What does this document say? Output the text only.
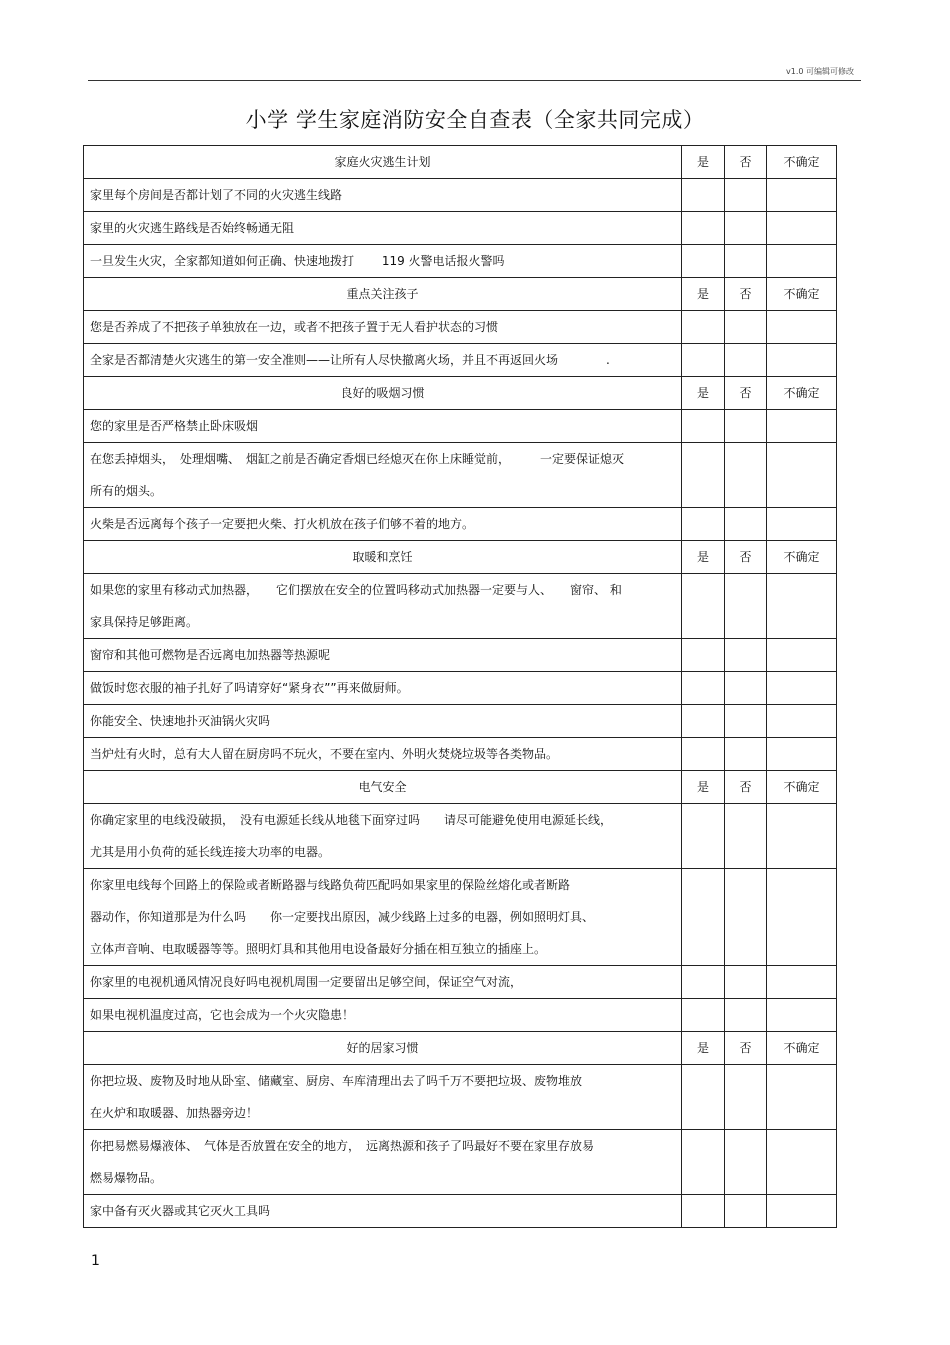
v1.0 可编辑可修改
小学 学生家庭消防安全自查表（全家共同完成）
家庭火灾逃生计划	是	否	不确定

家里每个房间是否都计划了不同的火灾逃生线路			

家里的火灾逃生路线是否始终畅通无阻			

一旦发生火灾，全家都知道如何正确、快速地拨打　　 119 火警电话报火警吗			

重点关注孩子	是	否	不确定

您是否养成了不把孩子单独放在一边，或者不把孩子置于无人看护状态的习惯			

全家是否都清楚火灾逃生的第一安全准则——让所有人尽快撤离火场，并且不再返回火场　　　　.			

良好的吸烟习惯	是	否	不确定

您的家里是否严格禁止卧床吸烟			

在您丢掉烟头，　处理烟嘴、　烟缸之前是否确定香烟已经熄灭在你上床睡觉前，　　　一定要保证熄灭
所有的烟头。			

火柴是否远离每个孩子一定要把火柴、打火机放在孩子们够不着的地方。			

取暖和烹饪	是	否	不确定

如果您的家里有移动式加热器，　　它们摆放在安全的位置吗移动式加热器一定要与人、　　窗帘、 和
家具保持足够距离。			

窗帘和其他可燃物是否远离电加热器等热源呢			

做饭时您衣服的袖子扎好了吗请穿好“紧身衣””再来做厨师。			

你能安全、快速地扑灭油锅火灾吗			

当炉灶有火时，总有大人留在厨房吗不玩火，不要在室内、外明火焚烧垃圾等各类物品。			

电气安全	是	否	不确定

你确定家里的电线没破损，　没有电源延长线从地毯下面穿过吗　　请尽可能避免使用电源延长线，
尤其是用小负荷的延长线连接大功率的电器。			

你家里电线每个回路上的保险或者断路器与线路负荷匹配吗如果家里的保险丝熔化或者断路
器动作，你知道那是为什么吗　　你一定要找出原因，减少线路上过多的电器，例如照明灯具、
立体声音响、电取暖器等等。照明灯具和其他用电设备最好分插在相互独立的插座上。			

你家里的电视机通风情况良好吗电视机周围一定要留出足够空间，保证空气对流，			

如果电视机温度过高，它也会成为一个火灾隐患！			

好的居家习惯	是	否	不确定

你把垃圾、废物及时地从卧室、储藏室、厨房、车库清理出去了吗千万不要把垃圾、废物堆放
在火炉和取暖器、加热器旁边！			

你把易燃易爆液体、　气体是否放置在安全的地方，　远离热源和孩子了吗最好不要在家里存放易
燃易爆物品。			

家中备有灭火器或其它灭火工具吗			

1
